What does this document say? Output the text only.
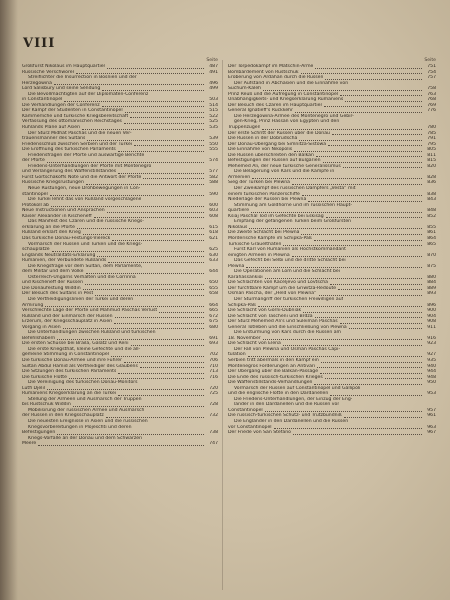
VIII
Seite
Großfürst Nikolaus im Hauptquartier	487
Russische Verschwörer	491
Streiflichter die Insurrection in Bosnien und der
Herzegowina	496
Lord Salisbury und seine Sendung	499
Die Bevollmächtigten auf der Diplomaten-Conferenz
in Constantinopel	503
Die Verhandlungen der Conferenz	514
Der Kampf der Studenten in Constantinopel	515
Kammerliche und türkische Kriegsbereitschaft	522
Verfassung des ottomanischen Reichstages	525
Ruhlands Pläne auf Asien	535
Der Sturz Midhat Paschas und die neuen Ver-
trauensmänner des Sultans	539
Friedensschluß zwischen Serbien und der Türkei	550
Die Eröffnung des türkischen Parlaments	555
Friedensfragen der Pforte und auswärtige Berichte
der Pforte	574
Friedens-Unterhandlungen der Pforte mit Montenegro
und Verlängerung des Waffenstillstandes	577
Fürst Gortschakoffs Note und die Antwort der Pforte	582
Russische Kriegsrüstungen	588
Neue Rüstungen, neue Drohbewegungen in Con-
stantinopel	590
Die Türkei lehnt das von Rußland vorgeschlagene
Protokoll ab	600
Neue Instructionen und Ansprachen	603
Kaiser Alexander in Kischeneff	608
Das Manifest des Czaren und die russische Kriegs-
erklärung an die Pforte	615
Rußland erklärt den Krieg	618
Das türkische Donau-Festungs-Viereck	621
Vormarsch der Russen und Türken und die Kriegs-
schauplätze	625
Englands Neutralitäts-Erklärung	630
Rumänien, der Verbündete Rußlands	633
Die Kriegsfrage vor dem Sultan, dem Parlamente,
dem Militär und dem Volke	644
Österreich-Ungarns Verhalten und die Corrinna
und Kischeneff der Russen	650
Die Donaufestung Widdin	655
Der Besuch des Sultans in Pest	658
Die Vertheidigungslinien der Türkei und deren
Armirung	664
Verschlechte Lage der Pforte und Mahmud Paschas Verlust	665
Rußland und der Einmarsch der Russen	672
Erzerum, der Kriegsschauplatz in Asien	675
Vorgang in Asien	680
Die Unterhandlungen zwischen Rußland und türkischen
Befehlshabern	691
Die ersten Schüsse bei Braila, Galatz und Reni	693
Die erste Kriegsthat, kleine Gefechte und die all-
gemeine Stimmung in Constantinopel	702
Die türkische Donau-Armee und ihre Führer	706
Sultan Abdul Hamid als Vertheidiger des Glaubens	710
Die Sitzungen des türkischen Parlaments	713
Die türkische Flotte	716
Die Vereinigung des türkischen Donau-Monitors
Lutfi Djelil	720
Rumäniens Kriegserklärung an die Türkei	725
Stellung der Armeen und Ausmarsch der Truppen
bis Rustschuk Widdin	728
Mobilisirung der russischen Armee und Ausmarsch
der Russen in den Kriegsschauplatz	732
Die neuesten Ereignisse in Asien und die russischen
Kriegsvorbereitungen in Plojeschti und deren
Befestigungen	738
Kriegs-Vorfälle an der Donau und dem Schwarzen
Meere	747
Seite
Der Torpedokampf im Matschin-Arme	751
Bombardement von Rustschuk	754
Eroberung von Ardahan durch die Russen	757
Der Aufstand in Abchasien und die Einnahme von
Suchum-Kaleh	758
Prinz Reuß und die Aufregung in Constantinopel	763
Unabhängigkeits- und Kriegserklärung Rumäniens	768
Der Besuch des Czaren im Hauptquartier	769
General Ignatieff's Rückkehr	776
Die Herzegowina-Armee des Montenegro und Gebir-
gen-Krieg, Prinz Hassan von Egypten und den
Truppenzügen	780
Der erste Schritt der Russen über die Donau	785
Die Russen in der Dobrudscha	791
Der Donau-Übergang bei Simnitza-Sistowa	795
Die Einnahme von Nikopolis	805
Die Russen überschreiten den Balkan	811
Befestigungen der Russen auf Bulgarien	815
Mehemed Ali, der neue türkische Generalissimus	820
Die Belagerung von Kars und die Kämpfe in
Armenien	828
Sieg der Türken bei Plewna	836
Der Zweikampf des russischen Dampfers „Vesta“ mit
einem türkischen Panzerschiffe	838
Niederlage der Russen bei Plewna	843
Stimmung am Goldhorne und im russischen Haupt-
quartiere	848
Ksiaj Paschal Tod im Gefechte bei Eskisag	852
Empfang der gefangenen Türken beim Großfürsten
Nikolaus	855
Die zweite Schlacht bei Plewna	861
Mörderische Kämpfe im Schipka-Paß	864
Türkische Gräuelthaten	865
Fürst Karl von Rumänien als Höchstkommandant
einigten Armeen in Plewna	870
Das Gefecht bei Selbi und die dritte Schlacht bei
Plewna	875
Die Operationen am Lom und die Schlacht bei
Karahassankiöi	880
Die Schlachten von Kaceljevo und Lovtscha	884
Der furchtbare Kampf um die Griwitza-Redoute	889
Osman Pascha, der „Held von Plewna“	893
Der Sturmangriff der türkischen Freiwilligen auf
Schipka-Paß	896
Die Schlacht von Gorni-Dubniak	900
Die Schlacht von Tascheni und Brdza	904
Der Sturz Mehemed Ali's und Suleiman Paschas	908
General Totleben und die Einschließung von Plewna	911
Die Erstürmung von Kars durch die Russen am
18. November	916
Die Schlacht von Elena	923
Der Fall von Plewna und Osman Paschas Capi-
tulation	927
Serbien tritt abermals in den Kampf ein	935
Montenegros Forderungen an Antivari	940
Der Übergang über die Balkan-Passage	944
Die Ende des russisch-türkischen Krieges	948
Die Waffenstillstands-Verhandlungen	950
Vormarsch der Russen auf Constantinopel und Gallipoli
und die englische Flotte in den Dardanellen	953
Die Friedens-Unterhandlungen, der Einzug der Eng-
länder in den Dardanellen und die Russen vor
Constantinopel	957
Die russisch-türkischen Schutz- und Trutzbündniß	961
Die Engländer in den Dardanellen und die Russen
vor Constantinopel	963
Der Friede von San Stefano	967
